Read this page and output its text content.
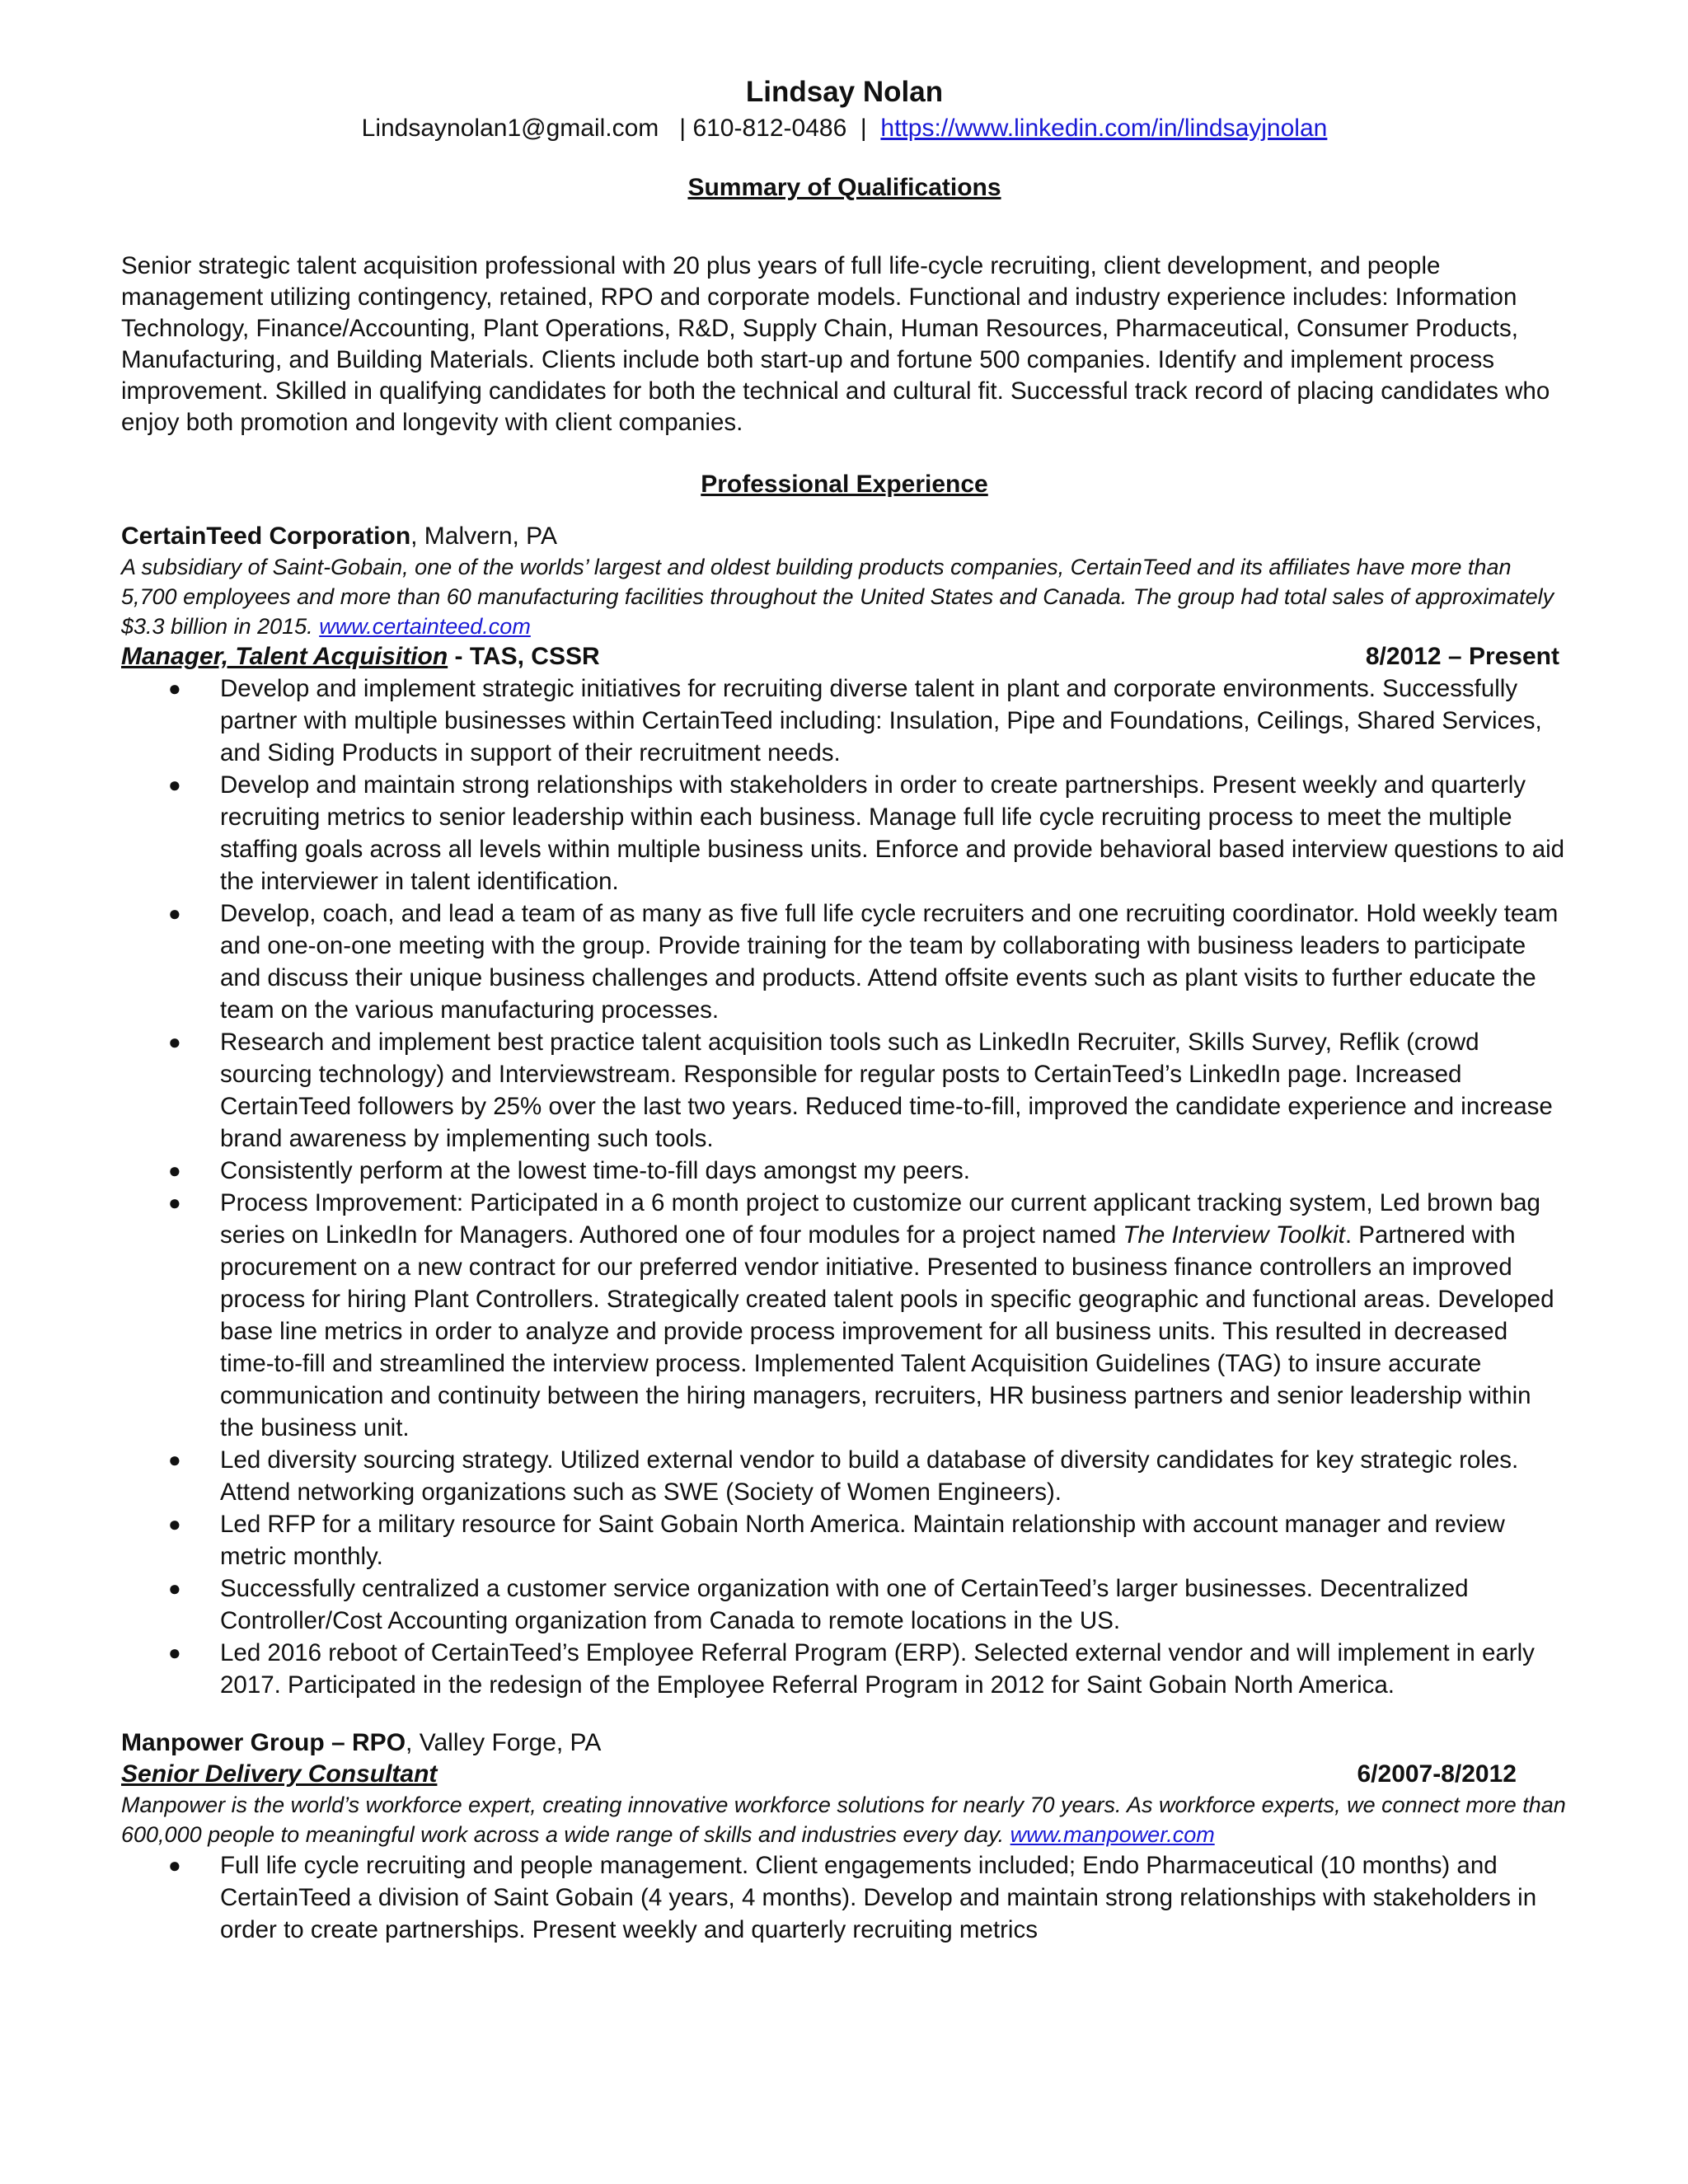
Lindsay Nolan

Lindsaynolan1@gmail.com   | 610-812-0486  |  https://www.linkedin.com/in/lindsayjnolan

Summary of Qualifications

Senior strategic talent acquisition professional with 20 plus years of full life-cycle recruiting, client development, and people management utilizing contingency, retained, RPO and corporate models. Functional and industry experience includes: Information Technology, Finance/Accounting, Plant Operations, R&D, Supply Chain, Human Resources, Pharmaceutical, Consumer Products, Manufacturing, and Building Materials. Clients include both start-up and fortune 500 companies. Identify and implement process improvement. Skilled in qualifying candidates for both the technical and cultural fit. Successful track record of placing candidates who enjoy both promotion and longevity with client companies.

Professional Experience

CertainTeed Corporation, Malvern, PA

A subsidiary of Saint-Gobain, one of the worlds’ largest and oldest building products companies, CertainTeed and its affiliates have more than 5,700 employees and more than 60 manufacturing facilities throughout the United States and Canada. The group had total sales of approximately $3.3 billion in 2015. www.certainteed.com

Manager, Talent Acquisition - TAS, CSSR	8/2012 – Present
● Develop and implement strategic initiatives for recruiting diverse talent in plant and corporate environments. Successfully partner with multiple businesses within CertainTeed including: Insulation, Pipe and Foundations, Ceilings, Shared Services, and Siding Products in support of their recruitment needs.
● Develop and maintain strong relationships with stakeholders in order to create partnerships. Present weekly and quarterly recruiting metrics to senior leadership within each business. Manage full life cycle recruiting process to meet the multiple staffing goals across all levels within multiple business units. Enforce and provide behavioral based interview questions to aid the interviewer in talent identification.
● Develop, coach, and lead a team of as many as five full life cycle recruiters and one recruiting coordinator. Hold weekly team and one-on-one meeting with the group. Provide training for the team by collaborating with business leaders to participate and discuss their unique business challenges and products. Attend offsite events such as plant visits to further educate the team on the various manufacturing processes.
● Research and implement best practice talent acquisition tools such as LinkedIn Recruiter, Skills Survey, Reflik (crowd sourcing technology) and Interviewstream. Responsible for regular posts to CertainTeed’s LinkedIn page. Increased CertainTeed followers by 25% over the last two years. Reduced time-to-fill, improved the candidate experience and increase brand awareness by implementing such tools.
● Consistently perform at the lowest time-to-fill days amongst my peers.
● Process Improvement: Participated in a 6 month project to customize our current applicant tracking system, Led brown bag series on LinkedIn for Managers. Authored one of four modules for a project named The Interview Toolkit. Partnered with procurement on a new contract for our preferred vendor initiative. Presented to business finance controllers an improved process for hiring Plant Controllers. Strategically created talent pools in specific geographic and functional areas. Developed base line metrics in order to analyze and provide process improvement for all business units. This resulted in decreased time-to-fill and streamlined the interview process. Implemented Talent Acquisition Guidelines (TAG) to insure accurate communication and continuity between the hiring managers, recruiters, HR business partners and senior leadership within the business unit.
● Led diversity sourcing strategy. Utilized external vendor to build a database of diversity candidates for key strategic roles. Attend networking organizations such as SWE (Society of Women Engineers).
● Led RFP for a military resource for Saint Gobain North America. Maintain relationship with account manager and review metric monthly.
● Successfully centralized a customer service organization with one of CertainTeed’s larger businesses. Decentralized Controller/Cost Accounting organization from Canada to remote locations in the US.
● Led 2016 reboot of CertainTeed’s Employee Referral Program (ERP). Selected external vendor and will implement in early 2017. Participated in the redesign of the Employee Referral Program in 2012 for Saint Gobain North America.

Manpower Group – RPO, Valley Forge, PA

Senior Delivery Consultant	6/2007-8/2012

Manpower is the world’s workforce expert, creating innovative workforce solutions for nearly 70 years. As workforce experts, we connect more than 600,000 people to meaningful work across a wide range of skills and industries every day. www.manpower.com

● Full life cycle recruiting and people management. Client engagements included; Endo Pharmaceutical (10 months) and CertainTeed a division of Saint Gobain (4 years, 4 months). Develop and maintain strong relationships with stakeholders in order to create partnerships. Present weekly and quarterly recruiting metrics
